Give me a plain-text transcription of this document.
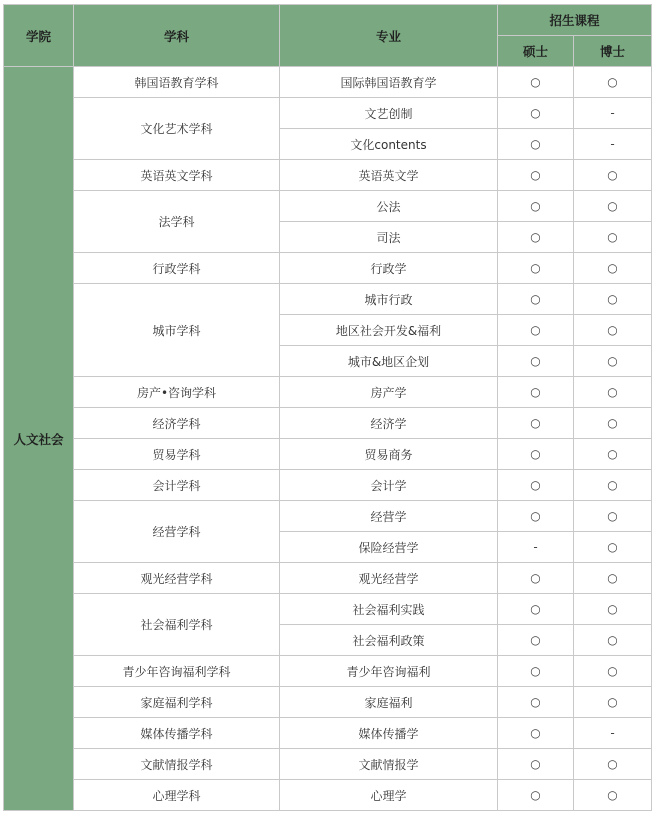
学院	学科	专业	招生课程	
			硕士	博士
人文社会	韩国语教育学科	国际韩国语教育学	○	○
	文化艺术学科	文艺创制	○	-
		文化contents	○	-
	英语英文学科	英语英文学	○	○
	法学科	公法	○	○
		司法	○	○
	行政学科	行政学	○	○
	城市学科	城市行政	○	○
		地区社会开发&福利	○	○
		城市&地区企划	○	○
	房产•咨询学科	房产学	○	○
	经济学科	经济学	○	○
	贸易学科	贸易商务	○	○
	会计学科	会计学	○	○
	经营学科	经营学	○	○
		保险经营学	-	○
	观光经营学科	观光经营学	○	○
	社会福利学科	社会福利实践	○	○
		社会福利政策	○	○
	青少年咨询福利学科	青少年咨询福利	○	○
	家庭福利学科	家庭福利	○	○
	媒体传播学科	媒体传播学	○	-
	文献情报学科	文献情报学	○	○
	心理学科	心理学	○	○
